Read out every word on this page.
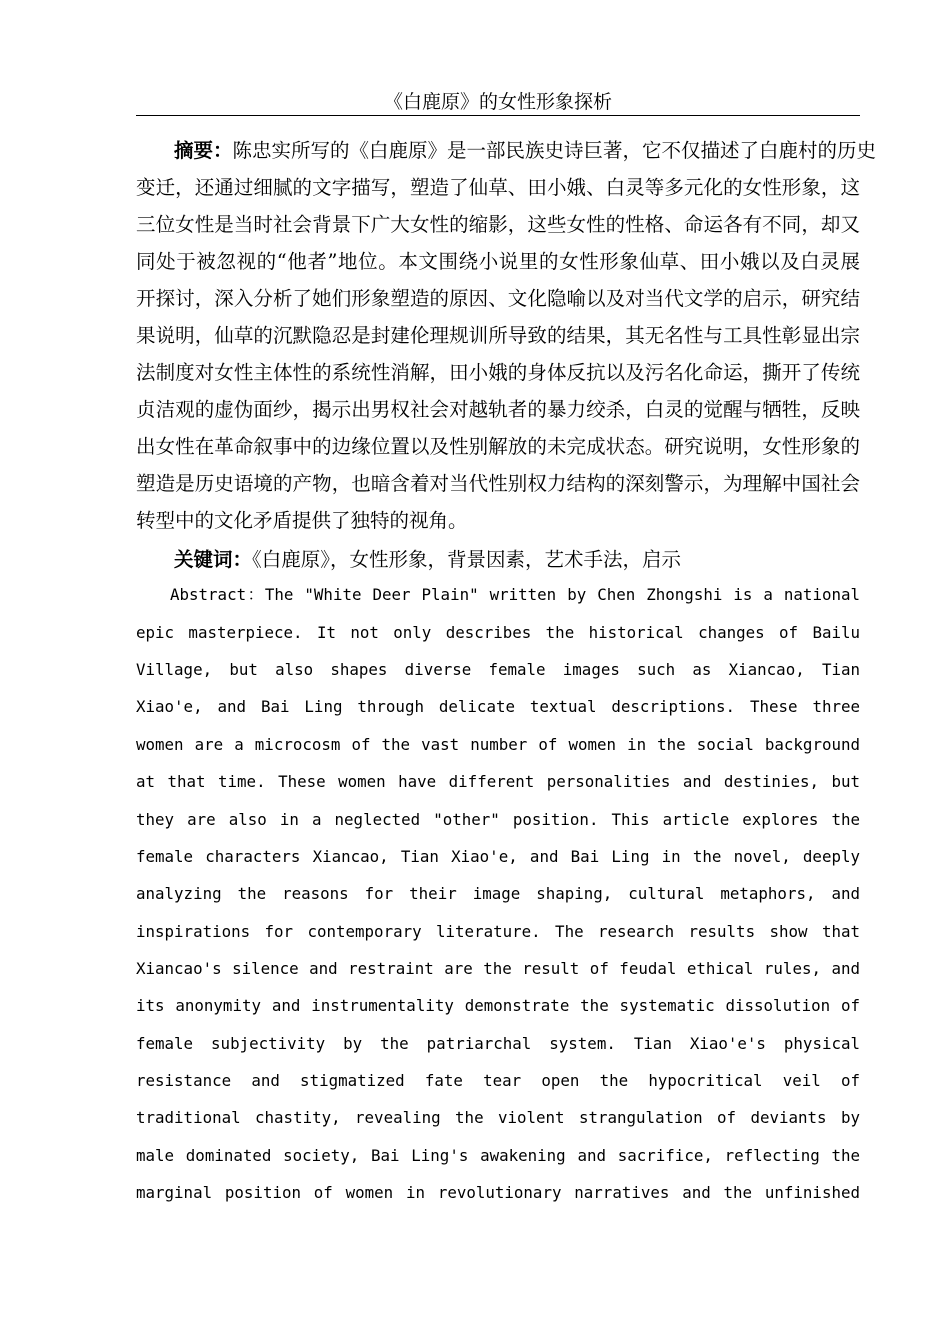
《白鹿原》的女性形象探析
摘要：陈忠实所写的《白鹿原》是一部民族史诗巨著，它不仅描述了白鹿村的历史
变迁，还通过细腻的文字描写，塑造了仙草、田小娥、白灵等多元化的女性形象，这
三位女性是当时社会背景下广大女性的缩影，这些女性的性格、命运各有不同，却又
同处于被忽视的“他者”地位。本文围绕小说里的女性形象仙草、田小娥以及白灵展
开探讨，深入分析了她们形象塑造的原因、文化隐喻以及对当代文学的启示，研究结
果说明，仙草的沉默隐忍是封建伦理规训所导致的结果，其无名性与工具性彰显出宗
法制度对女性主体性的系统性消解，田小娥的身体反抗以及污名化命运，撕开了传统
贞洁观的虚伪面纱，揭示出男权社会对越轨者的暴力绞杀，白灵的觉醒与牺牲，反映
出女性在革命叙事中的边缘位置以及性别解放的未完成状态。研究说明，女性形象的
塑造是历史语境的产物，也暗含着对当代性别权力结构的深刻警示，为理解中国社会
转型中的文化矛盾提供了独特的视角。
关键词：《白鹿原》，女性形象，背景因素，艺术手法，启示
Abstract：The "White Deer Plain" written by Chen Zhongshi is a national
epic masterpiece. It not only describes the historical changes of Bailu
Village, but also shapes diverse female images such as Xiancao, Tian
Xiao'e, and Bai Ling through delicate textual descriptions. These three
women are a microcosm of the vast number of women in the social background
at that time. These women have different personalities and destinies, but
they are also in a neglected "other" position. This article explores the
female characters Xiancao, Tian Xiao'e, and Bai Ling in the novel, deeply
analyzing the reasons for their image shaping, cultural metaphors, and
inspirations for contemporary literature. The research results show that
Xiancao's silence and restraint are the result of feudal ethical rules, and
its anonymity and instrumentality demonstrate the systematic dissolution of
female subjectivity by the patriarchal system. Tian Xiao'e's physical
resistance and stigmatized fate tear open the hypocritical veil of
traditional chastity, revealing the violent strangulation of deviants by
male dominated society, Bai Ling's awakening and sacrifice, reflecting the
marginal position of women in revolutionary narratives and the unfinished
